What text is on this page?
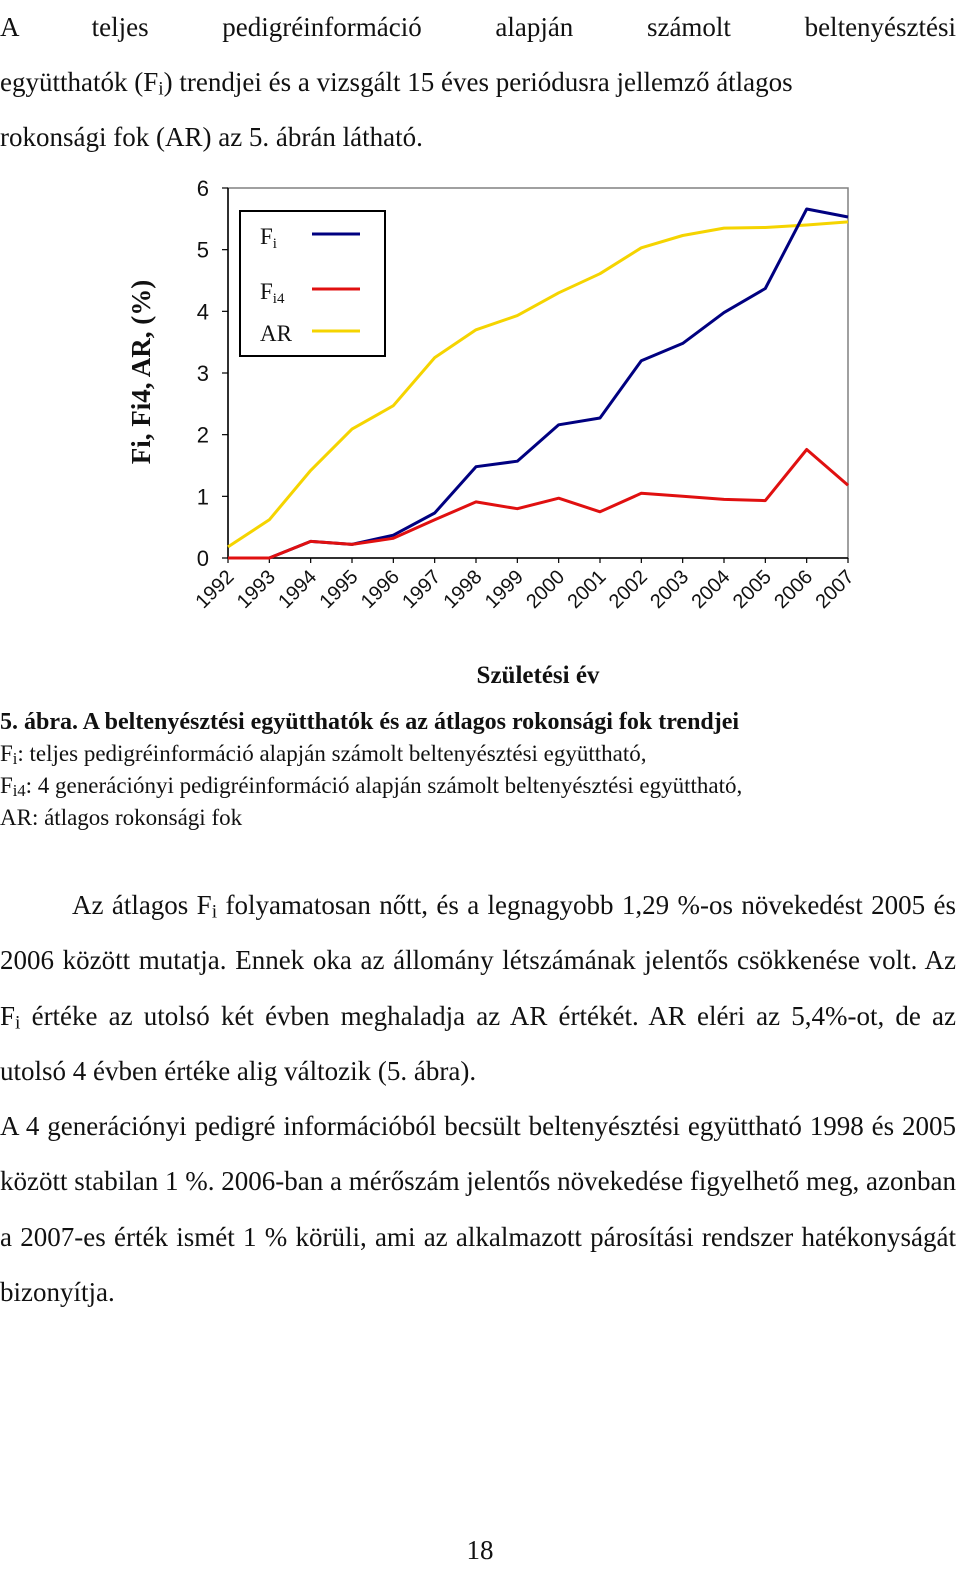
A	teljes	pedigréinformáció	alapján	számolt	beltenyésztési
együtthatók $(F_i)$ trendjei és a vizsgált 15 éves periódusra jellemző átlagos
rokonsági fok (AR) az 5. ábrán látható.
0
1
2
3
4
5
6
1992
1993
1994
1995
1996
1997
1998
1999
2000
2001
2002
2003
2004
2005
2006
2007
Fi
Fi4
AR
Fi, Fi4, AR, (%)
Születési év
5. ábra. A beltenyésztési együtthatók és az átlagos rokonsági fok trendjei
$F_i$: teljes pedigréinformáció alapján számolt beltenyésztési együttható,
$F_{i4}$: 4 generációnyi pedigréinformáció alapján számolt beltenyésztési együttható,
AR: átlagos rokonsági fok

Az átlagos $F_i$ folyamatosan nőtt, és a legnagyobb 1,29 %-os növekedést 2005 és 2006 között mutatja. Ennek oka az állomány létszámának jelentős csökkenése volt. Az $F_i$ értéke az utolsó két évben meghaladja az AR értékét. AR eléri az 5,4%-ot, de az utolsó 4 évben értéke alig változik (5. ábra).

A 4 generációnyi pedigré információból becsült beltenyésztési együttható 1998 és 2005 között stabilan 1 %. 2006-ban a mérőszám jelentős növekedése figyelhető meg, azonban a 2007-es érték ismét 1 % körüli, ami az alkalmazott párosítási rendszer hatékonyságát bizonyítja.

18
